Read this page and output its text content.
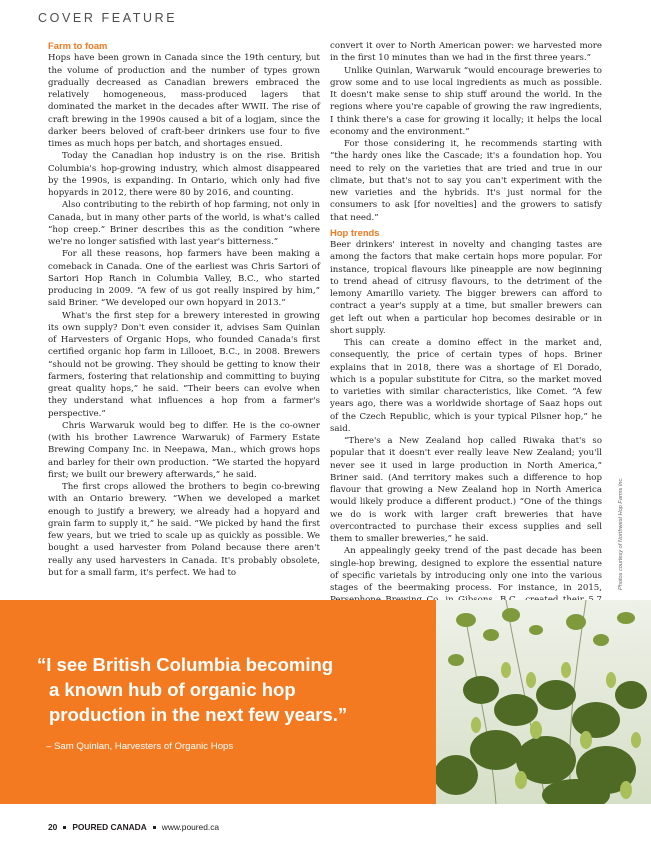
COVER FEATURE
Farm to foam

Hops have been grown in Canada since the 19th century, but the volume of production and the number of types grown gradually decreased as Canadian brewers embraced the relatively homogeneous, mass-produced lagers that dominated the market in the decades after WWII. The rise of craft brewing in the 1990s caused a bit of a logjam, since the darker beers beloved of craft-beer drinkers use four to five times as much hops per batch, and shortages ensued.

Today the Canadian hop industry is on the rise. British Columbia's hop-growing industry, which almost disappeared by the 1990s, is expanding. In Ontario, which only had five hopyards in 2012, there were 80 by 2016, and counting.

Also contributing to the rebirth of hop farming, not only in Canada, but in many other parts of the world, is what's called “hop creep.” Briner describes this as the condition “where we're no longer satisfied with last year's bitterness.”

For all these reasons, hop farmers have been making a comeback in Canada. One of the earliest was Chris Sartori of Sartori Hop Ranch in Columbia Valley, B.C., who started producing in 2009. “A few of us got really inspired by him,” said Briner. “We developed our own hopyard in 2013.”

What's the first step for a brewery interested in growing its own supply? Don't even consider it, advises Sam Quinlan of Harvesters of Organic Hops, who founded Canada's first certified organic hop farm in Lillooet, B.C., in 2008. Brewers “should not be growing. They should be getting to know their farmers, fostering that relationship and committing to buying great quality hops,” he said. “Their beers can evolve when they understand what influences a hop from a farmer's perspective.”

Chris Warwaruk would beg to differ. He is the co-owner (with his brother Lawrence Warwaruk) of Farmery Estate Brewing Company Inc. in Neepawa, Man., which grows hops and barley for their own production. “We started the hopyard first; we built our brewery afterwards,” he said.

The first crops allowed the brothers to begin co-brewing with an Ontario brewery. “When we developed a market enough to justify a brewery, we already had a hopyard and grain farm to supply it,” he said. “We picked by hand the first few years, but we tried to scale up as quickly as possible. We bought a used harvester from Poland because there aren't really any used harvesters in Canada. It's probably obsolete, but for a small farm, it's perfect. We had to

convert it over to North American power: we harvested more in the first 10 minutes than we had in the first three years.”

Unlike Quinlan, Warwaruk “would encourage breweries to grow some and to use local ingredients as much as possible. It doesn't make sense to ship stuff around the world. In the regions where you're capable of growing the raw ingredients, I think there's a case for growing it locally; it helps the local economy and the environment.”

For those considering it, he recommends starting with “the hardy ones like the Cascade; it's a foundation hop. You need to rely on the varieties that are tried and true in our climate, but that's not to say you can't experiment with the new varieties and the hybrids. It's just normal for the consumers to ask [for novelties] and the growers to satisfy that need.”

Hop trends

Beer drinkers' interest in novelty and changing tastes are among the factors that make certain hops more popular. For instance, tropical flavours like pineapple are now beginning to trend ahead of citrusy flavours, to the detriment of the lemony Amarillo variety. The bigger brewers can afford to contract a year's supply at a time, but smaller brewers can get left out when a particular hop becomes desirable or in short supply.

This can create a domino effect in the market and, consequently, the price of certain types of hops. Briner explains that in 2018, there was a shortage of El Dorado, which is a popular substitute for Citra, so the market moved to varieties with similar characteristics, like Comet. “A few years ago, there was a worldwide shortage of Saaz hops out of the Czech Republic, which is your typical Pilsner hop,” he said.

“There's a New Zealand hop called Riwaka that's so popular that it doesn't ever really leave New Zealand; you'll never see it used in large production in North America,” Briner said. (And territory makes such a difference to hop flavour that growing a New Zealand hop in North America would likely produce a different product.) “One of the things we do is work with larger craft breweries that have overcontracted to purchase their excess supplies and sell them to smaller breweries,” he said.

An appealingly geeky trend of the past decade has been single-hop brewing, designed to explore the essential nature of specific varietals by introducing only one into the various stages of the beermaking process. For instance, in 2015,	Photos courtesy of Northwest Hop Farms Inc.
“I see British Columbia becoming
a known hub of organic hop
production in the next few years.”
– Sam Quinlan, Harvesters of Organic Hops
20 POURED CANADA www.poured.ca
